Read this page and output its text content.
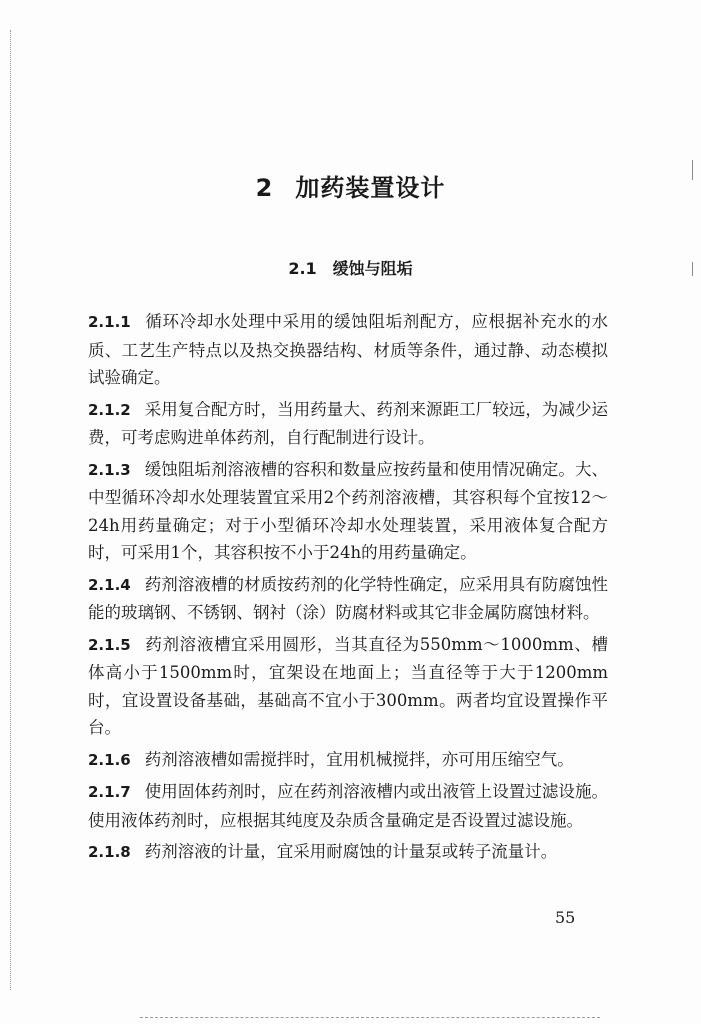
2 加药装置设计
2.1 缓蚀与阻垢

2.1.1 循环冷却水处理中采用的缓蚀阻垢剂配方，应根据补充水的水质、工艺生产特点以及热交换器结构、材质等条件，通过静、动态模拟试验确定。

2.1.2 采用复合配方时，当用药量大、药剂来源距工厂较远，为减少运费，可考虑购进单体药剂，自行配制进行设计。

2.1.3 缓蚀阻垢剂溶液槽的容积和数量应按药量和使用情况确定。大、中型循环冷却水处理装置宜采用2个药剂溶液槽，其容积每个宜按12～24h用药量确定；对于小型循环冷却水处理装置，采用液体复合配方时，可采用1个，其容积按不小于24h的用药量确定。

2.1.4 药剂溶液槽的材质按药剂的化学特性确定，应采用具有防腐蚀性能的玻璃钢、不锈钢、钢衬（涂）防腐材料或其它非金属防腐蚀材料。

2.1.5 药剂溶液槽宜采用圆形，当其直径为550mm～1000mm、槽体高小于1500mm时，宜架设在地面上；当直径等于大于1200mm时，宜设置设备基础，基础高不宜小于300mm。两者均宜设置操作平台。

2.1.6 药剂溶液槽如需搅拌时，宜用机械搅拌，亦可用压缩空气。

2.1.7 使用固体药剂时，应在药剂溶液槽内或出液管上设置过滤设施。使用液体药剂时，应根据其纯度及杂质含量确定是否设置过滤设施。

2.1.8 药剂溶液的计量，宜采用耐腐蚀的计量泵或转子流量计。

55
